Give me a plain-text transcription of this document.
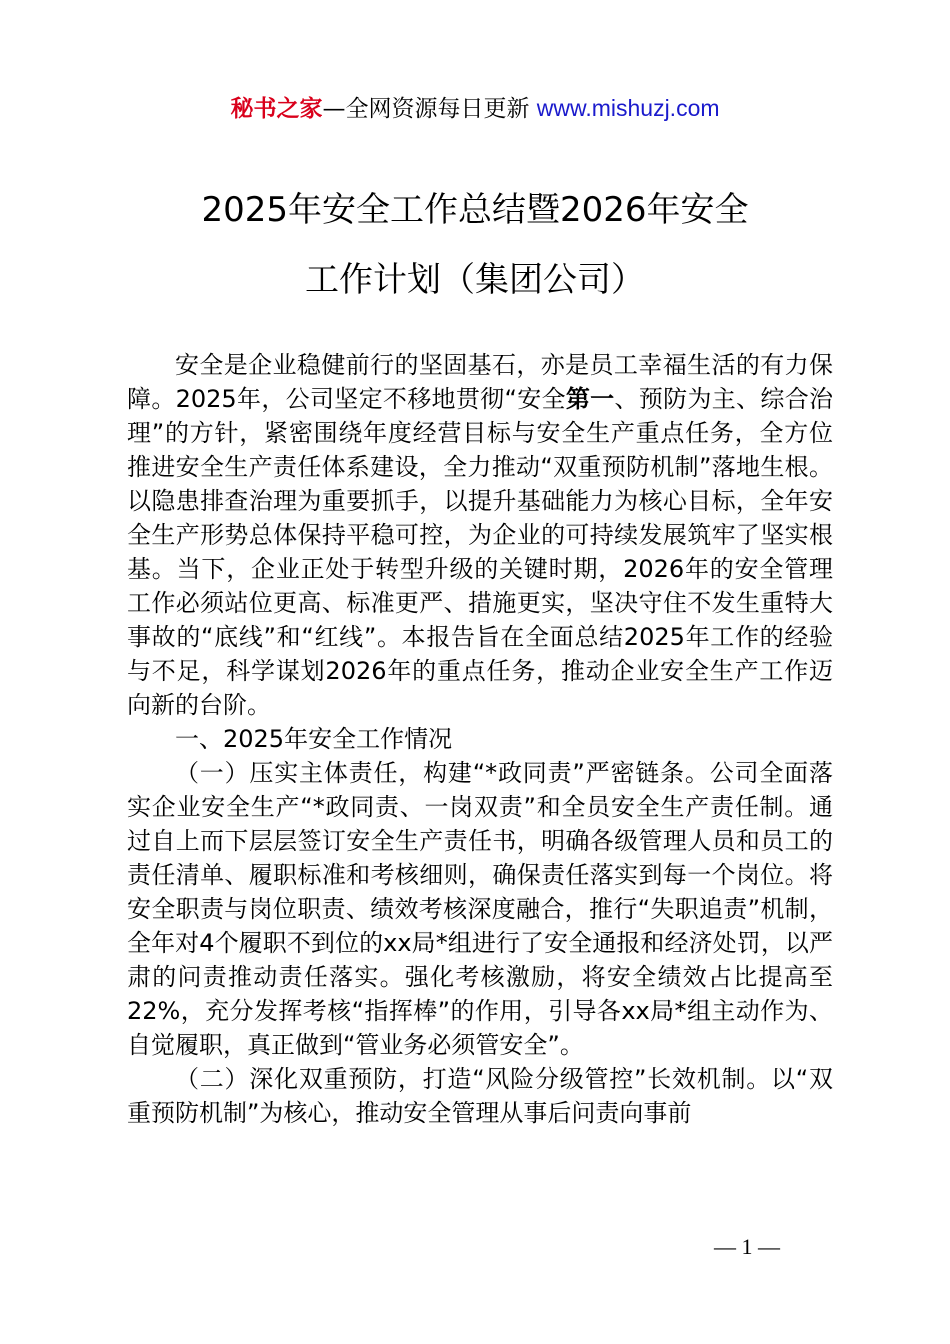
秘书之家—全网资源每日更新 www.mishuzj.com
2025年安全工作总结暨2026年安全
工作计划（集团公司）

安全是企业稳健前行的坚固基石，亦是员工幸福生活的有力保障。2025年，公司坚定不移地贯彻“安全第一、预防为主、综合治理”的方针，紧密围绕年度经营目标与安全生产重点任务，全方位推进安全生产责任体系建设，全力推动“双重预防机制”落地生根。以隐患排查治理为重要抓手，以提升基础能力为核心目标，全年安全生产形势总体保持平稳可控，为企业的可持续发展筑牢了坚实根基。当下，企业正处于转型升级的关键时期，2026年的安全管理工作必须站位更高、标准更严、措施更实，坚决守住不发生重特大事故的“底线”和“红线”。本报告旨在全面总结2025年工作的经验与不足，科学谋划2026年的重点任务，推动企业安全生产工作迈向新的台阶。

一、2025年安全工作情况

（一）压实主体责任，构建“*政同责”严密链条。公司全面落实企业安全生产“*政同责、一岗双责”和全员安全生产责任制。通过自上而下层层签订安全生产责任书，明确各级管理人员和员工的责任清单、履职标准和考核细则，确保责任落实到每一个岗位。将安全职责与岗位职责、绩效考核深度融合，推行“失职追责”机制，全年对4个履职不到位的xx局*组进行了安全通报和经济处罚，以严肃的问责推动责任落实。强化考核激励，将安全绩效占比提高至22%，充分发挥考核“指挥棒”的作用，引导各xx局*组主动作为、自觉履职，真正做到“管业务必须管安全”。

（二）深化双重预防，打造“风险分级管控”长效机制。以“双重预防机制”为核心，推动安全管理从事后问责向事前

— 1 —
